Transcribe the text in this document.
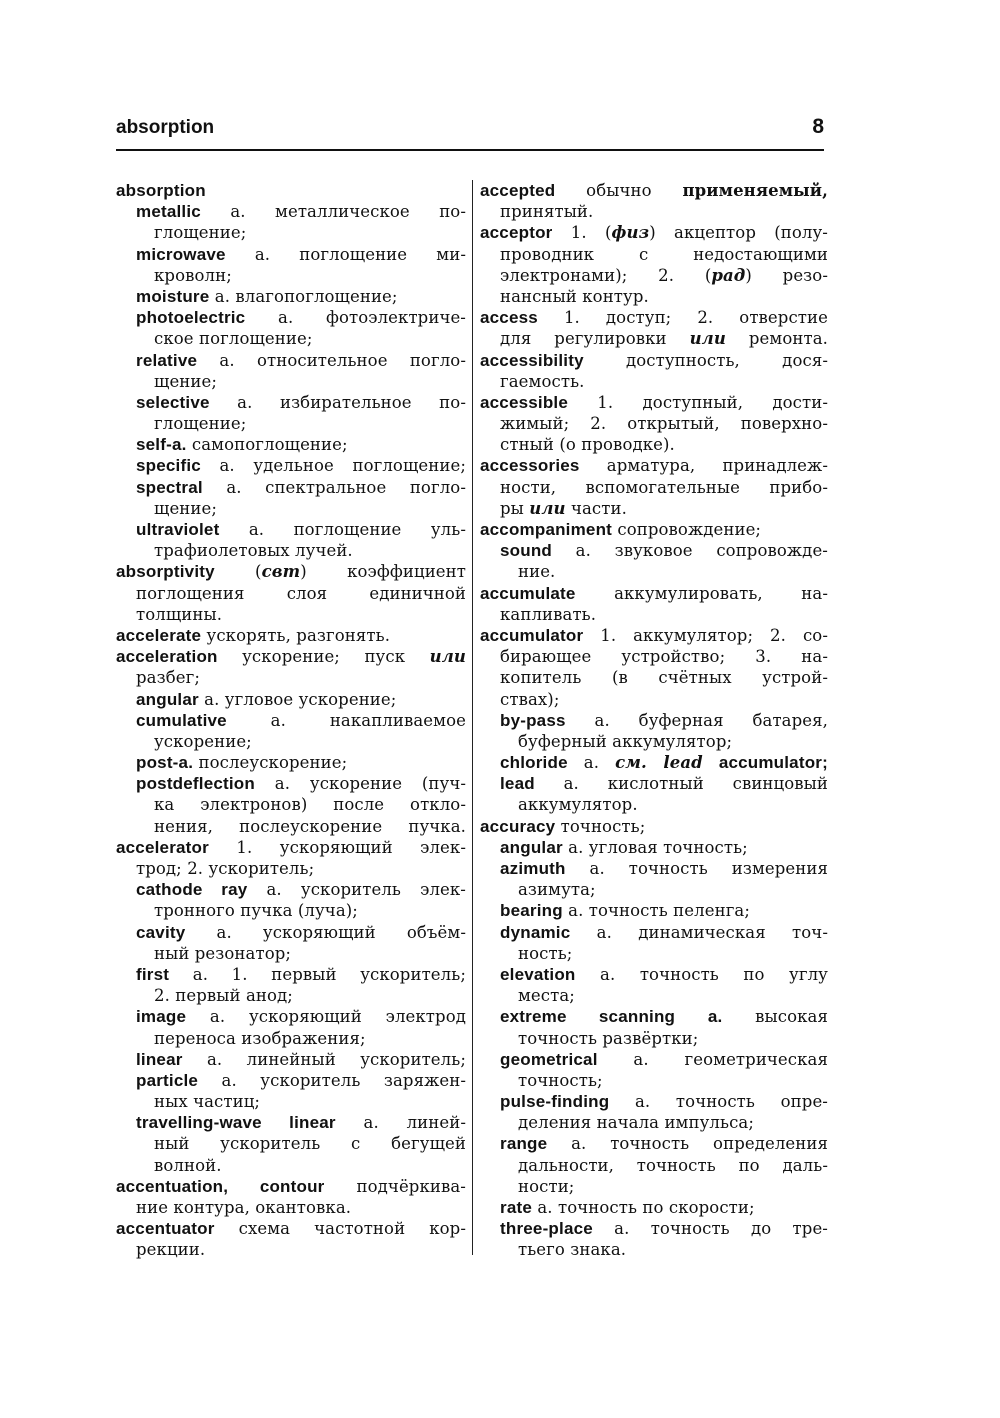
absorption	8
absorption
metallic a. металлическое по-
глощение;
microwave a. поглощение ми-
кроволн;
moisture a. влагопоглощение;
photoelectric a. фотоэлектриче-
ское поглощение;
relative a. относительное погло-
щение;
selective a. избирательное по-
глощение;
self-a. самопоглощение;
specific a. удельное поглощение;
spectral a. спектральное погло-
щение;
ultraviolet a. поглощение уль-
трафиолетовых лучей.
absorptivity (свт) коэффициент
поглощения слоя единичной
толщины.
accelerate ускорять, разгонять.
acceleration ускорение; пуск или
разбег;
angular a. угловое ускорение;
cumulative a. накапливаемое
ускорение;
post-a. послеускорение;
postdeflection a. ускорение (пуч-
ка электронов) после откло-
нения, послеускорение пучка.
accelerator 1. ускоряющий элек-
трод; 2. ускоритель;
cathode ray a. ускоритель элек-
тронного пучка (луча);
cavity a. ускоряющий объём-
ный резонатор;
first a. 1. первый ускоритель;
2. первый анод;
image a. ускоряющий электрод
переноса изображения;
linear a. линейный ускоритель;
particle a. ускоритель заряжен-
ных частиц;
travelling-wave linear a. линей-
ный ускоритель с бегущей
волной.
accentuation, contour подчёркива-
ние контура, окантовка.
accentuator схема частотной кор-
рекции.
accepted обычно применяемый,
принятый.
acceptor 1. (физ) акцептор (полу-
проводник с недостающими
электронами); 2. (рад) резо-
нансный контур.
access 1. доступ; 2. отверстие
для регулировки или ремонта.
accessibility доступность, дося-
гаемость.
accessible 1. доступный, дости-
жимый; 2. открытый, поверхно-
стный (о проводке).
accessories арматура, принадлеж-
ности, вспомогательные прибо-
ры или части.
accompaniment сопровождение;
sound a. звуковое сопровожде-
ние.
accumulate аккумулировать, на-
капливать.
accumulator 1. аккумулятор; 2. со-
бирающее устройство; 3. на-
копитель (в счётных устрой-
ствах);
by-pass a. буферная батарея,
буферный аккумулятор;
chloride a. см. lead accumulator;
lead a. кислотный свинцовый
аккумулятор.
accuracy точность;
angular a. угловая точность;
azimuth a. точность измерения
азимута;
bearing a. точность пеленга;
dynamic a. динамическая точ-
ность;
elevation a. точность по углу
места;
extreme scanning a. высокая
точность развёртки;
geometrical a. геометрическая
точность;
pulse-finding a. точность опре-
деления начала импульса;
range a. точность определения
дальности, точность по даль-
ности;
rate a. точность по скорости;
three-place a. точность до тре-
тьего знака.
